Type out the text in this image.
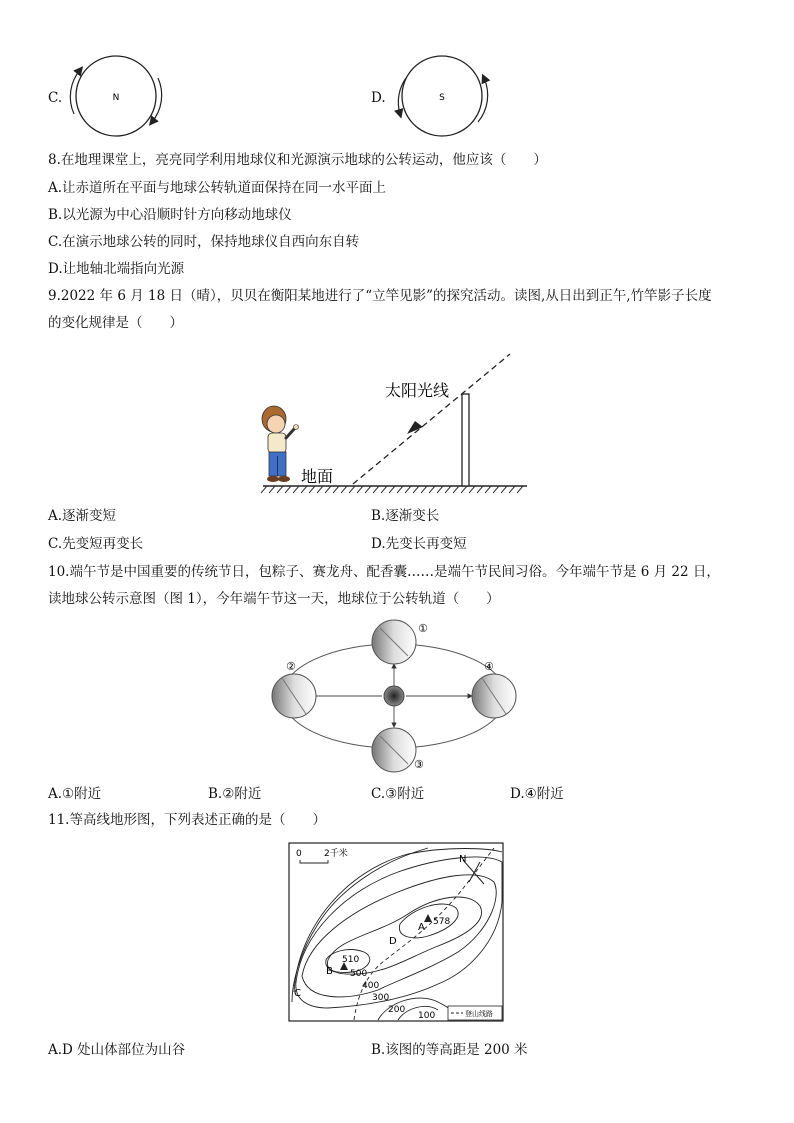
C.	N	D.	S
8.在地理课堂上，亮亮同学利用地球仪和光源演示地球的公转运动，他应该（　　）
A.让赤道所在平面与地球公转轨道面保持在同一水平面上
B.以光源为中心沿顺时针方向移动地球仪
C.在演示地球公转的同时，保持地球仪自西向东自转
D.让地轴北端指向光源
9.2022 年 6 月 18 日（晴），贝贝在衡阳某地进行了“立竿见影”的探究活动。读图,从日出到正午,竹竿影子长度
的变化规律是（　　）
太阳光线
地面
A.逐渐变短	B.逐渐变长
C.先变短再变长	D.先变长再变短
10.端午节是中国重要的传统节日，包粽子、赛龙舟、配香囊……是端午节民间习俗。今年端午节是 6 月 22 日，
读地球公转示意图（图 1），今年端午节这一天，地球位于公转轨道（　　）
①
②
③
④
A.①附近	B.②附近	C.③附近	D.④附近
11.等高线地形图，下列表述正确的是（　　）
0 2千米	N
A 578
B
510
D
C
500
400
300
200
100	登山线路
A.D 处山体部位为山谷	B.该图的等高距是 200 米
